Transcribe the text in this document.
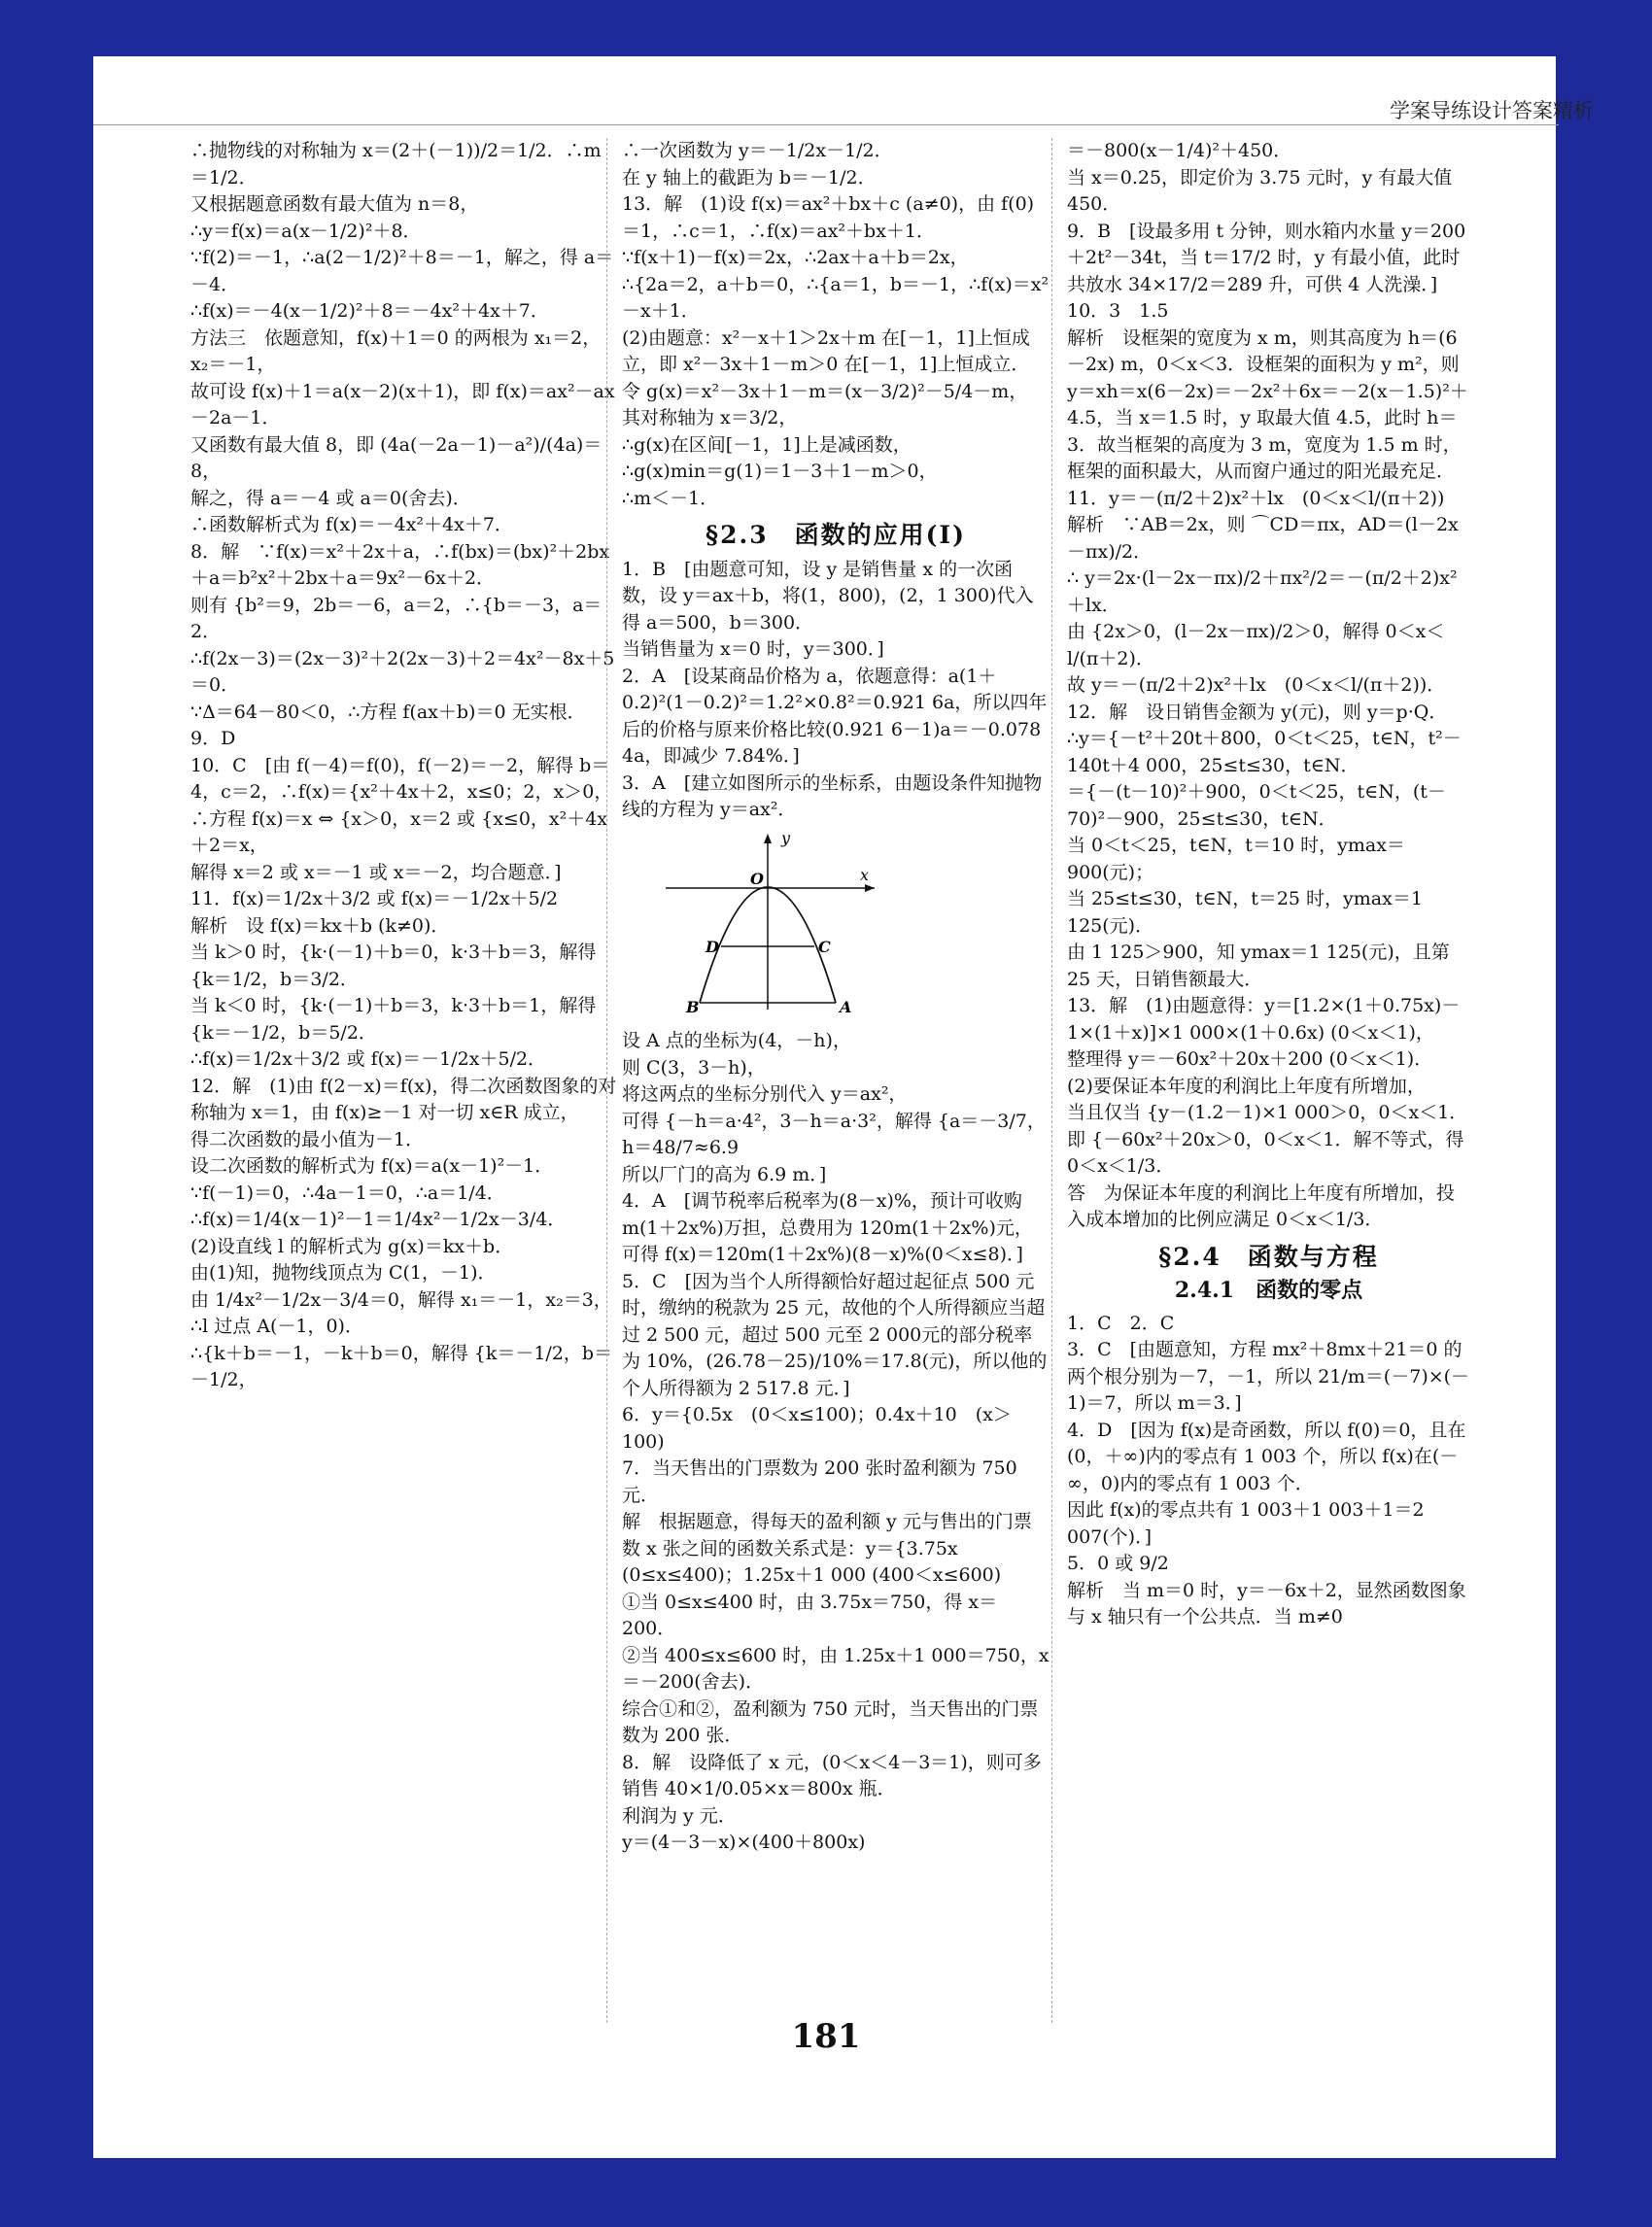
学案导练设计答案精析

∴抛物线的对称轴为 x＝(2＋(－1))/2＝1/2．∴m＝1/2．

又根据题意函数有最大值为 n＝8，

∴y＝f(x)＝a(x－1/2)²＋8．

∵f(2)＝－1，∴a(2－1/2)²＋8＝－1，解之，得 a＝－4．

∴f(x)＝－4(x－1/2)²＋8＝－4x²＋4x＋7．

方法三　依题意知，f(x)＋1＝0 的两根为 x₁＝2，x₂＝－1，

故可设 f(x)＋1＝a(x－2)(x＋1)，即 f(x)＝ax²－ax－2a－1．

又函数有最大值 8，即 (4a(－2a－1)－a²)/(4a)＝8，

解之，得 a＝－4 或 a＝0(舍去)．

∴函数解析式为 f(x)＝－4x²＋4x＋7．

8．解　∵f(x)＝x²＋2x＋a，∴f(bx)＝(bx)²＋2bx＋a＝b²x²＋2bx＋a＝9x²－6x＋2．

则有 {b²＝9，2b＝－6，a＝2，∴{b＝－3，a＝2．

∴f(2x－3)＝(2x－3)²＋2(2x－3)＋2＝4x²－8x＋5＝0．

∵Δ＝64－80＜0，∴方程 f(ax＋b)＝0 无实根．

9．D

10．C　[由 f(－4)＝f(0)，f(－2)＝－2，解得 b＝4，c＝2，∴f(x)＝{x²＋4x＋2，x≤0；2，x＞0，

∴方程 f(x)＝x ⇔ {x＞0，x＝2 或 {x≤0，x²＋4x＋2＝x，

解得 x＝2 或 x＝－1 或 x＝－2，均合题意．]

11．f(x)＝1/2x＋3/2 或 f(x)＝－1/2x＋5/2

解析　设 f(x)＝kx＋b (k≠0)．

当 k＞0 时，{k·(－1)＋b＝0，k·3＋b＝3，解得 {k＝1/2，b＝3/2．

当 k＜0 时，{k·(－1)＋b＝3，k·3＋b＝1，解得 {k＝－1/2，b＝5/2．

∴f(x)＝1/2x＋3/2 或 f(x)＝－1/2x＋5/2．

12．解　(1)由 f(2－x)＝f(x)，得二次函数图象的对称轴为 x＝1，由 f(x)≥－1 对一切 x∈R 成立，

得二次函数的最小值为－1．

设二次函数的解析式为 f(x)＝a(x－1)²－1．

∵f(－1)＝0，∴4a－1＝0，∴a＝1/4．

∴f(x)＝1/4(x－1)²－1＝1/4x²－1/2x－3/4．

(2)设直线 l 的解析式为 g(x)＝kx＋b．

由(1)知，抛物线顶点为 C(1，－1)．

由 1/4x²－1/2x－3/4＝0，解得 x₁＝－1，x₂＝3，

∴l 过点 A(－1，0)．

∴{k＋b＝－1，－k＋b＝0，解得 {k＝－1/2，b＝－1/2，

∴一次函数为 y＝－1/2x－1/2．

在 y 轴上的截距为 b＝－1/2．

13．解　(1)设 f(x)＝ax²＋bx＋c (a≠0)，由 f(0)＝1，∴c＝1，∴f(x)＝ax²＋bx＋1．

∵f(x＋1)－f(x)＝2x，∴2ax＋a＋b＝2x，

∴{2a＝2，a＋b＝0，∴{a＝1，b＝－1，∴f(x)＝x²－x＋1．

(2)由题意：x²－x＋1＞2x＋m 在[－1，1]上恒成立，即 x²－3x＋1－m＞0 在[－1，1]上恒成立．

令 g(x)＝x²－3x＋1－m＝(x－3/2)²－5/4－m，

其对称轴为 x＝3/2，

∴g(x)在区间[－1，1]上是减函数，

∴g(x)min＝g(1)＝1－3＋1－m＞0，

∴m＜－1．

§2.3　函数的应用(Ⅰ)

1．B　[由题意可知，设 y 是销售量 x 的一次函数，设 y＝ax＋b，将(1，800)，(2，1 300)代入得 a＝500，b＝300．

当销售量为 x＝0 时，y＝300．]

2．A　[设某商品价格为 a，依题意得：a(1＋0.2)²(1－0.2)²＝1.2²×0.8²＝0.921 6a，所以四年后的价格与原来价格比较(0.921 6－1)a＝－0.078 4a，即减少 7.84%．]

3．A　[建立如图所示的坐标系，由题设条件知抛物线的方程为 y＝ax²．

y
x
O
D	C
B	A

设 A 点的坐标为(4，－h)，

则 C(3，3－h)，

将这两点的坐标分别代入 y＝ax²，

可得 {－h＝a·4²，3－h＝a·3²，解得 {a＝－3/7，h＝48/7≈6.9

所以厂门的高为 6.9 m．]

4．A　[调节税率后税率为(8－x)%，预计可收购 m(1＋2x%)万担，总费用为 120m(1＋2x%)元，可得 f(x)＝120m(1＋2x%)(8－x)%(0＜x≤8)．]

5．C　[因为当个人所得额恰好超过起征点 500 元时，缴纳的税款为 25 元，故他的个人所得额应当超过 2 500 元，超过 500 元至 2 000元的部分税率为 10%，(26.78－25)/10%＝17.8(元)，所以他的个人所得额为 2 517.8 元．]

6．y＝{0.5x　(0＜x≤100)；0.4x＋10　(x＞100)

7．当天售出的门票数为 200 张时盈利额为 750 元．

解　根据题意，得每天的盈利额 y 元与售出的门票数 x 张之间的函数关系式是：y＝{3.75x (0≤x≤400)；1.25x＋1 000 (400＜x≤600)

①当 0≤x≤400 时，由 3.75x＝750，得 x＝200．

②当 400≤x≤600 时，由 1.25x＋1 000＝750，x＝－200(舍去)．

综合①和②，盈利额为 750 元时，当天售出的门票数为 200 张．

8．解　设降低了 x 元，(0＜x＜4－3＝1)，则可多销售 40×1/0.05×x＝800x 瓶．

利润为 y 元．

y＝(4－3－x)×(400＋800x)

＝－800(x－1/4)²＋450．

当 x＝0.25，即定价为 3.75 元时，y 有最大值 450．

9．B　[设最多用 t 分钟，则水箱内水量 y＝200＋2t²－34t，当 t＝17/2 时，y 有最小值，此时共放水 34×17/2＝289 升，可供 4 人洗澡．]

10．3　1.5

解析　设框架的宽度为 x m，则其高度为 h＝(6－2x) m，0＜x＜3．设框架的面积为 y m²，则 y＝xh＝x(6－2x)＝－2x²＋6x＝－2(x－1.5)²＋4.5，当 x＝1.5 时，y 取最大值 4.5，此时 h＝3．故当框架的高度为 3 m，宽度为 1.5 m 时，框架的面积最大，从而窗户通过的阳光最充足．

11．y＝－(π/2＋2)x²＋lx　(0＜x＜l/(π＋2))

解析　∵AB＝2x，则 ⌒CD＝πx，AD＝(l－2x－πx)/2．

∴ y＝2x·(l－2x－πx)/2＋πx²/2＝－(π/2＋2)x²＋lx．

由 {2x＞0，(l－2x－πx)/2＞0，解得 0＜x＜l/(π＋2)．

故 y＝－(π/2＋2)x²＋lx　(0＜x＜l/(π＋2))．

12．解　设日销售金额为 y(元)，则 y＝p·Q．

∴y＝{－t²＋20t＋800，0＜t＜25，t∈N，t²－140t＋4 000，25≤t≤30，t∈N．

＝{－(t－10)²＋900，0＜t＜25，t∈N，(t－70)²－900，25≤t≤30，t∈N．

当 0＜t＜25，t∈N，t＝10 时，ymax＝900(元)；

当 25≤t≤30，t∈N，t＝25 时，ymax＝1 125(元)．

由 1 125＞900，知 ymax＝1 125(元)，且第 25 天，日销售额最大．

13．解　(1)由题意得：y＝[1.2×(1＋0.75x)－1×(1＋x)]×1 000×(1＋0.6x) (0＜x＜1)，

整理得 y＝－60x²＋20x＋200 (0＜x＜1)．

(2)要保证本年度的利润比上年度有所增加，

当且仅当 {y－(1.2－1)×1 000＞0，0＜x＜1．

即 {－60x²＋20x＞0，0＜x＜1．解不等式，得 0＜x＜1/3．

答　为保证本年度的利润比上年度有所增加，投入成本增加的比例应满足 0＜x＜1/3．

§2.4　函数与方程
2.4.1　函数的零点

1．C　2．C

3．C　[由题意知，方程 mx²＋8mx＋21＝0 的两个根分别为－7，－1，所以 21/m＝(－7)×(－1)＝7，所以 m＝3．]

4．D　[因为 f(x)是奇函数，所以 f(0)＝0，且在(0，＋∞)内的零点有 1 003 个，所以 f(x)在(－∞，0)内的零点有 1 003 个．

因此 f(x)的零点共有 1 003＋1 003＋1＝2 007(个)．]

5．0 或 9/2

解析　当 m＝0 时，y＝－6x＋2，显然函数图象与 x 轴只有一个公共点．当 m≠0

181
